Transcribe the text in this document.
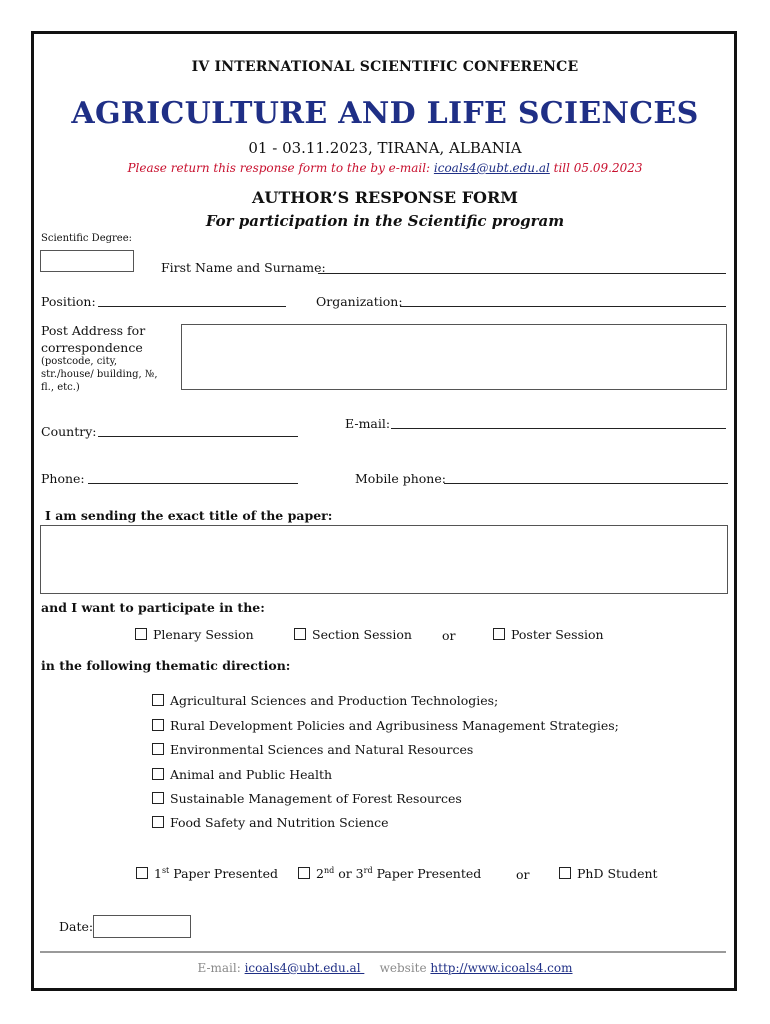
IV INTERNATIONAL SCIENTIFIC CONFERENCE
AGRICULTURE AND LIFE SCIENCES
01 - 03.11.2023, TIRANA, ALBANIA
Please return this response form to the by e-mail: icoals4@ubt.edu.al till 05.09.2023
AUTHOR’S RESPONSE FORM
For participation in the Scientific program
Scientific Degree:
First Name and Surname:
Position:	Organization:
Post Address for
correspondence
(postcode, city,
str./house/ building, №,
fl., etc.)
Country:
E-mail:
Phone:	Mobile phone:
I am sending the exact title of the paper:
and I want to participate in the:
Plenary Session	Section Session or	Poster Session
in the following thematic direction:
Agricultural Sciences and Production Technologies;
Rural Development Policies and Agribusiness Management Strategies;
Environmental Sciences and Natural Resources
Animal and Public Health
Sustainable Management of Forest Resources
Food Safety and Nutrition Science
1st Paper Presented	2nd or 3rd Paper Presented	or	PhD Student
Date:
E-mail: icoals4@ubt.edu.al     website http://www.icoals4.com
